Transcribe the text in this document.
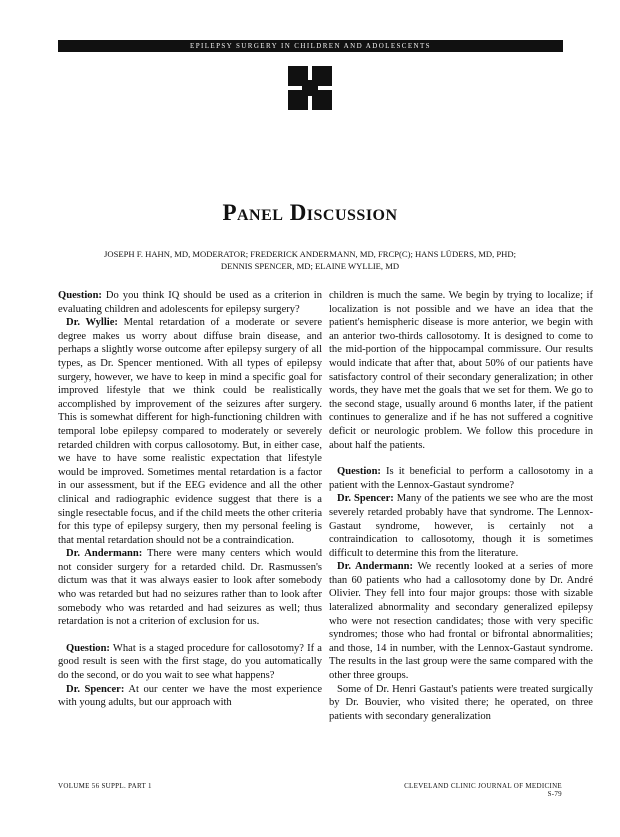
EPILEPSY SURGERY IN CHILDREN AND ADOLESCENTS
Panel Discussion
JOSEPH F. HAHN, MD, MODERATOR; FREDERICK ANDERMANN, MD, FRCP(C); HANS LÜDERS, MD, PHD;
DENNIS SPENCER, MD; ELAINE WYLLIE, MD

Question: Do you think IQ should be used as a criterion in evaluating children and adolescents for epilepsy surgery?

Dr. Wyllie: Mental retardation of a moderate or severe degree makes us worry about diffuse brain disease, and perhaps a slightly worse outcome after epilepsy surgery of all types, as Dr. Spencer mentioned. With all types of epilepsy surgery, however, we have to keep in mind a specific goal for improved lifestyle that we think could be realistically accomplished by improvement of the seizures after surgery. This is somewhat different for high-functioning children with temporal lobe epilepsy compared to moderately or severely retarded children with corpus callosotomy. But, in either case, we have to have some realistic expectation that lifestyle would be improved. Sometimes mental retardation is a factor in our assessment, but if the EEG evidence and all the other clinical and radiographic evidence suggest that there is a single resectable focus, and if the child meets the other criteria for this type of epilepsy surgery, then my personal feeling is that mental retardation should not be a contraindication.

Dr. Andermann: There were many centers which would not consider surgery for a retarded child. Dr. Rasmussen's dictum was that it was always easier to look after somebody who was retarded but had no seizures rather than to look after somebody who was retarded and had seizures as well; thus retardation is not a criterion of exclusion for us.

Question: What is a staged procedure for callosotomy? If a good result is seen with the first stage, do you automatically do the second, or do you wait to see what happens?

Dr. Spencer: At our center we have the most experience with young adults, but our approach with

children is much the same. We begin by trying to localize; if localization is not possible and we have an idea that the patient's hemispheric disease is more anterior, we begin with an anterior two-thirds callosotomy. It is designed to come to the mid-portion of the hippocampal commissure. Our results would indicate that after that, about 50% of our patients have satisfactory control of their secondary generalization; in other words, they have met the goals that we set for them. We go to the second stage, usually around 6 months later, if the patient continues to generalize and if he has not suffered a cognitive deficit or neurologic problem. We follow this procedure in about half the patients.

Question: Is it beneficial to perform a callosotomy in a patient with the Lennox-Gastaut syndrome?

Dr. Spencer: Many of the patients we see who are the most severely retarded probably have that syndrome. The Lennox-Gastaut syndrome, however, is certainly not a contraindication to callosotomy, though it is sometimes difficult to determine this from the literature.

Dr. Andermann: We recently looked at a series of more than 60 patients who had a callosotomy done by Dr. André Olivier. They fell into four major groups: those with sizable lateralized abnormality and secondary generalized epilepsy who were not resection candidates; those with very specific syndromes; those who had frontal or bifrontal abnormalities; and those, 14 in number, with the Lennox-Gastaut syndrome. The results in the last group were the same compared with the other three groups.

Some of Dr. Henri Gastaut's patients were treated surgically by Dr. Bouvier, who visited there; he operated, on three patients with secondary generalization

VOLUME 56 SUPPL. PART 1	CLEVELAND CLINIC JOURNAL OF MEDICINE S-79
